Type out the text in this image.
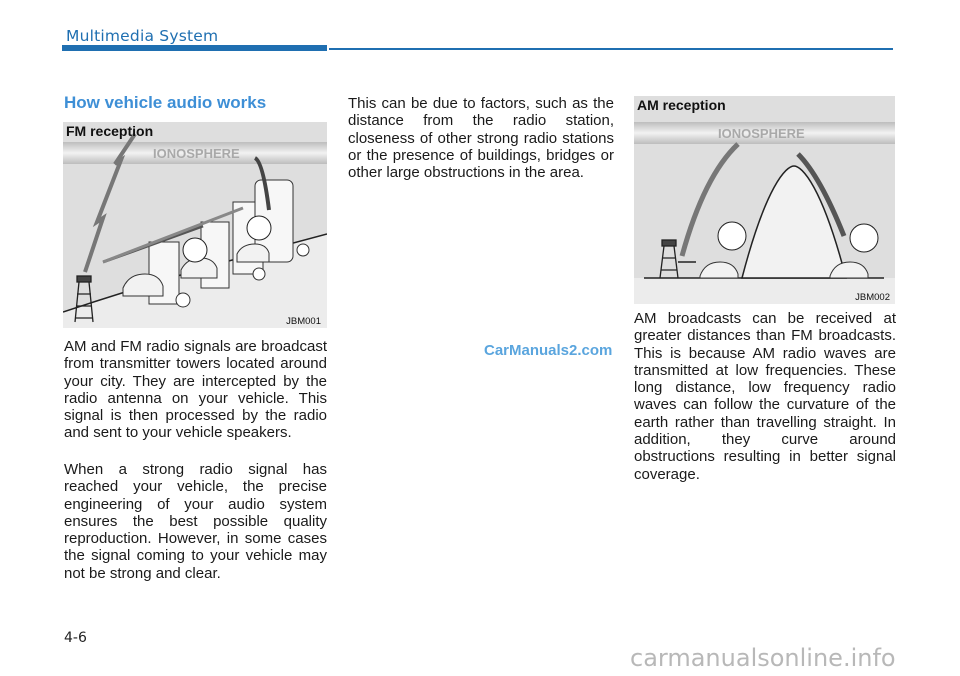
Multimedia System
How vehicle audio works
IONOSPHERE
JBM001
FM reception	IONOSPHERE
JBM002
AM reception

AM and FM radio signals are broadcast from transmitter towers located around your city. They are intercepted by the radio antenna on your vehicle. This signal is then processed by the radio and sent to your vehicle speakers.

When a strong radio signal has reached your vehicle, the precise engineering of your audio system ensures the best possible quality reproduction. However, in some cases the signal coming to your vehicle may not be strong and clear.

This can be due to factors, such as the distance from the radio station, closeness of other strong radio stations or the presence of buildings, bridges or other large obstructions in the area.

AM broadcasts can be received at greater distances than FM broadcasts. This is because AM radio waves are transmitted at low frequencies. These long distance, low frequency radio waves can follow the curvature of the earth rather than travelling straight. In addition, they curve around obstructions resulting in better signal coverage.

CarManuals2.com
4-6
carmanualsonline.info
